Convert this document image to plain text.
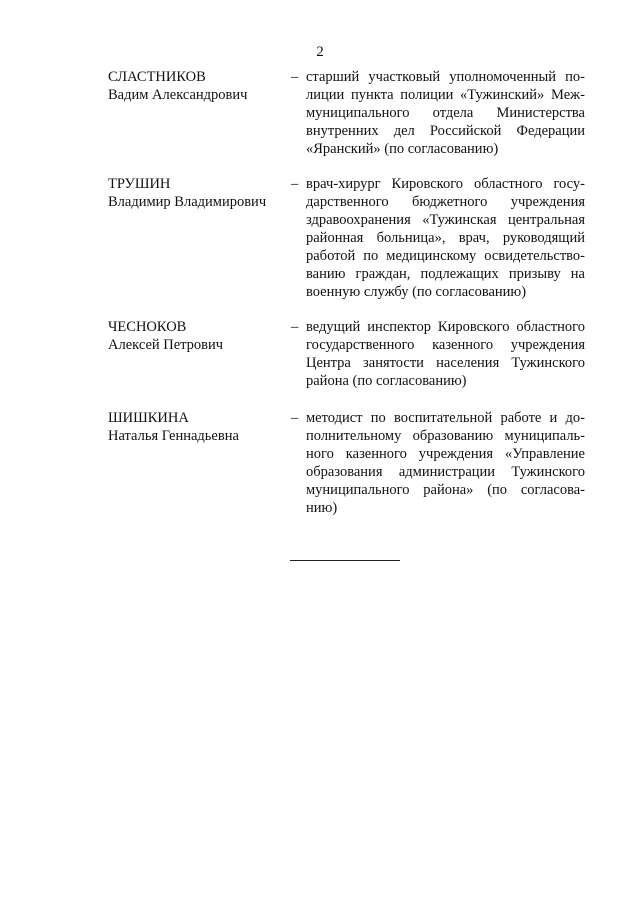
2
СЛАСТНИКОВ
Вадим Александрович
– старший участковый уполномоченный по-
лиции пункта полиции «Тужинский» Меж-
муниципального отдела Министерства
внутренних дел Российской Федерации
«Яранский» (по согласованию)
ТРУШИН
Владимир Владимирович
– врач-хирург Кировского областного госу-
дарственного бюджетного учреждения
здравоохранения «Тужинская центральная
районная больница», врач, руководящий
работой по медицинскому освидетельство-
ванию граждан, подлежащих призыву на
военную службу (по согласованию)
ЧЕСНОКОВ
Алексей Петрович
– ведущий инспектор Кировского областного
государственного казенного учреждения
Центра занятости населения Тужинского
района (по согласованию)
ШИШКИНА
Наталья Геннадьевна
– методист по воспитательной работе и до-
полнительному образованию муниципаль-
ного казенного учреждения «Управление
образования администрации Тужинского
муниципального района» (по согласова-
нию)
